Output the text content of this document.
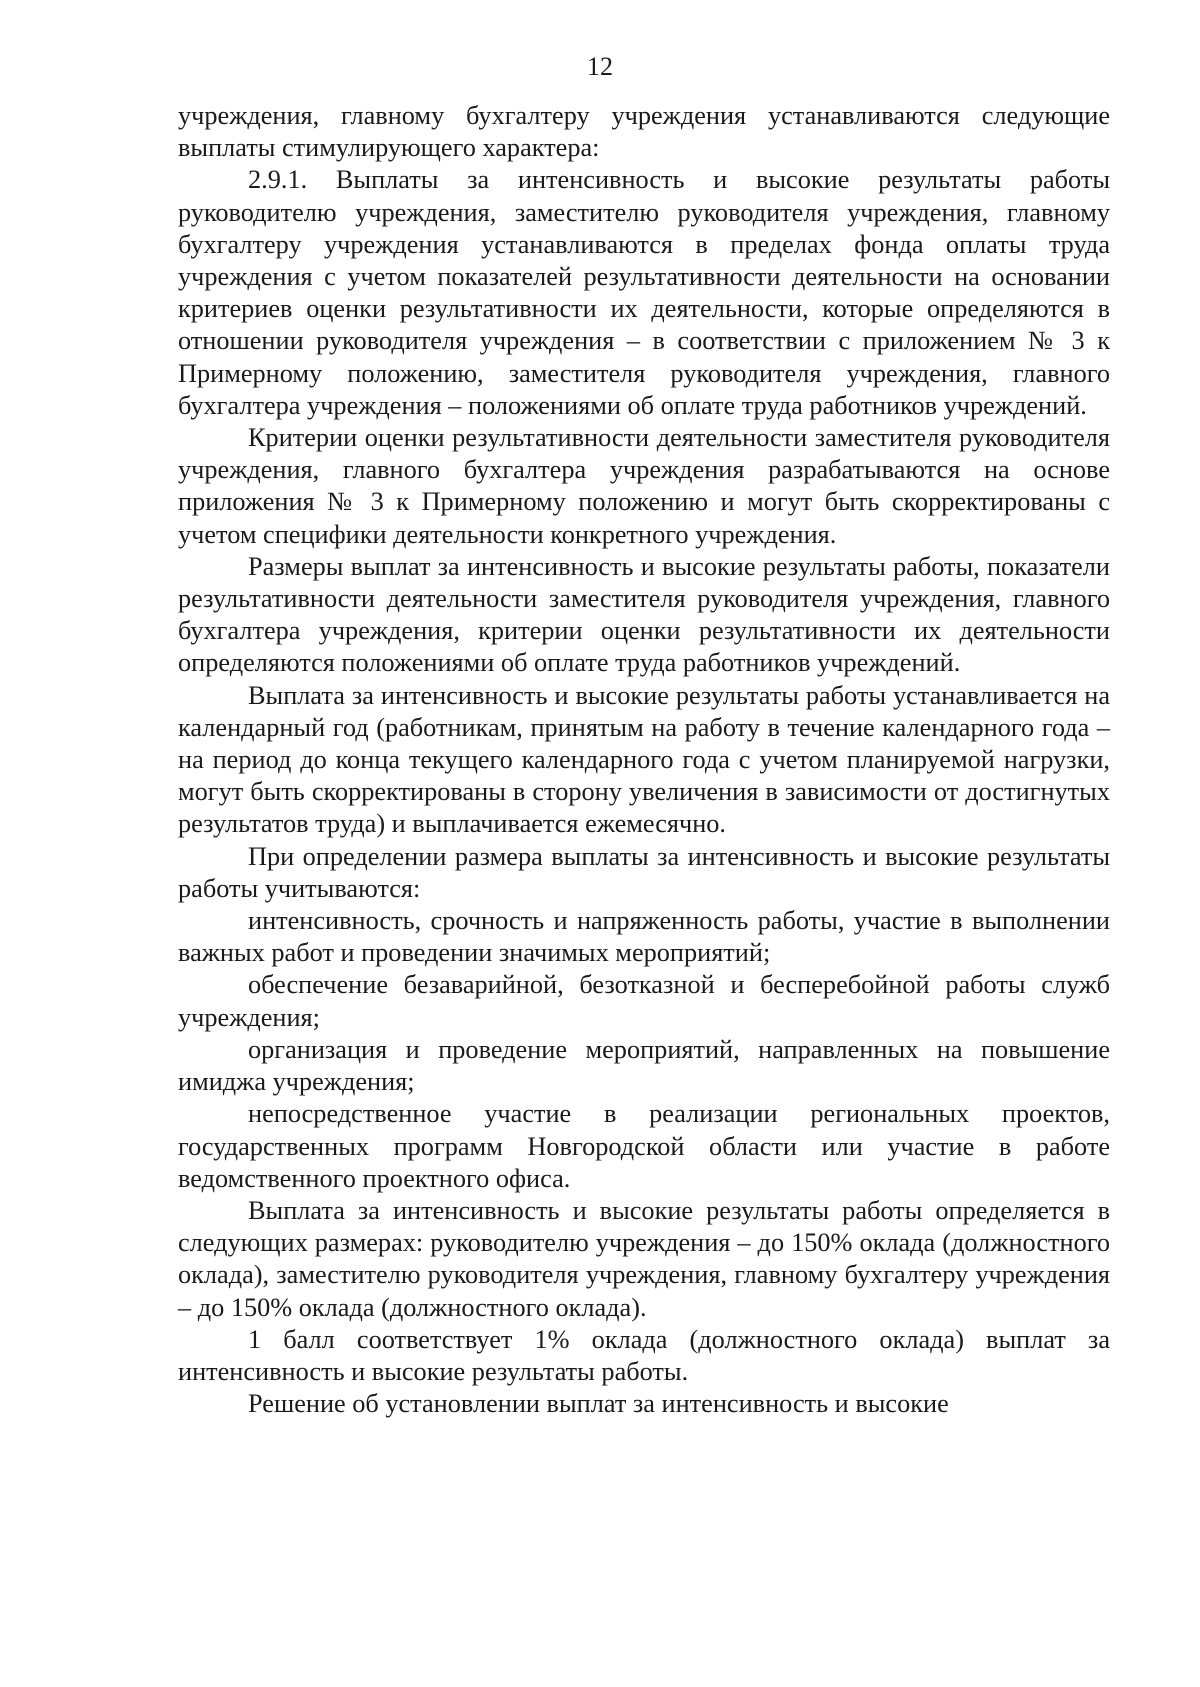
12

учреждения, главному бухгалтеру учреждения устанавливаются следующие выплаты стимулирующего характера:

2.9.1. Выплаты за интенсивность и высокие результаты работы руководителю учреждения, заместителю руководителя учреждения, главному бухгалтеру учреждения устанавливаются в пределах фонда оплаты труда учреждения с учетом показателей результативности деятельности на основании критериев оценки результативности их деятельности, которые определяются в отношении руководителя учреждения – в соответствии с приложением № 3 к Примерному положению, заместителя руководителя учреждения, главного бухгалтера учреждения – положениями об оплате труда работников учреждений.

Критерии оценки результативности деятельности заместителя руководителя учреждения, главного бухгалтера учреждения разрабатываются на основе приложения № 3 к Примерному положению и могут быть скорректированы с учетом специфики деятельности конкретного учреждения.

Размеры выплат за интенсивность и высокие результаты работы, показатели результативности деятельности заместителя руководителя учреждения, главного бухгалтера учреждения, критерии оценки результативности их деятельности определяются положениями об оплате труда работников учреждений.

Выплата за интенсивность и высокие результаты работы устанавливается на календарный год (работникам, принятым на работу в течение календарного года – на период до конца текущего календарного года с учетом планируемой нагрузки, могут быть скорректированы в сторону увеличения в зависимости от достигнутых результатов труда) и выплачивается ежемесячно.

При определении размера выплаты за интенсивность и высокие результаты работы учитываются:

интенсивность, срочность и напряженность работы, участие в выполнении важных работ и проведении значимых мероприятий;

обеспечение безаварийной, безотказной и бесперебойной работы служб учреждения;

организация и проведение мероприятий, направленных на повышение имиджа учреждения;

непосредственное участие в реализации региональных проектов, государственных программ Новгородской области или участие в работе ведомственного проектного офиса.

Выплата за интенсивность и высокие результаты работы определяется в следующих размерах: руководителю учреждения – до 150% оклада (должностного оклада), заместителю руководителя учреждения, главному бухгалтеру учреждения – до 150% оклада (должностного оклада).

1 балл соответствует 1% оклада (должностного оклада) выплат за интенсивность и высокие результаты работы.

Решение об установлении выплат за интенсивность и высокие
